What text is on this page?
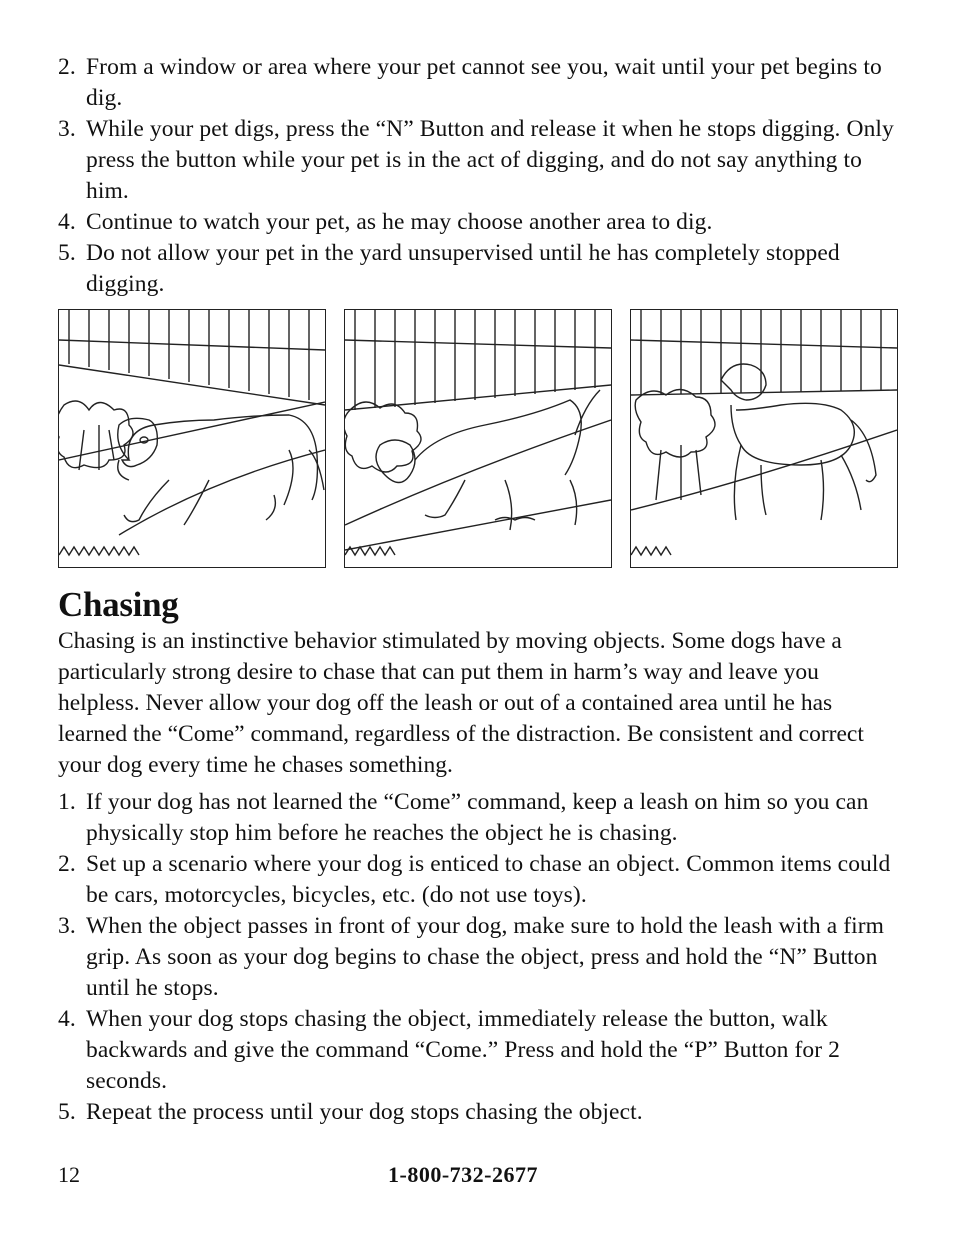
2. From a window or area where your pet cannot see you, wait until your pet begins to dig.
3. While your pet digs, press the “N” Button and release it when he stops digging. Only press the button while your pet is in the act of digging, and do not say anything to him.
4. Continue to watch your pet, as he may choose another area to dig.
5. Do not allow your pet in the yard unsupervised until he has completely stopped digging.
Chasing

Chasing is an instinctive behavior stimulated by moving objects. Some dogs have a particularly strong desire to chase that can put them in harm’s way and leave you helpless. Never allow your dog off the leash or out of a contained area until he has learned the “Come” command, regardless of the distraction. Be consistent and correct your dog every time he chases something.

1. If your dog has not learned the “Come” command, keep a leash on him so you can physically stop him before he reaches the object he is chasing.
2. Set up a scenario where your dog is enticed to chase an object. Common items could be cars, motorcycles, bicycles, etc. (do not use toys).
3. When the object passes in front of your dog, make sure to hold the leash with a firm grip. As soon as your dog begins to chase the object, press and hold the “N” Button until he stops.
4. When your dog stops chasing the object, immediately release the button, walk backwards and give the command “Come.” Press and hold the “P” Button for 2 seconds.
5. Repeat the process until your dog stops chasing the object.
12	1-800-732-2677
